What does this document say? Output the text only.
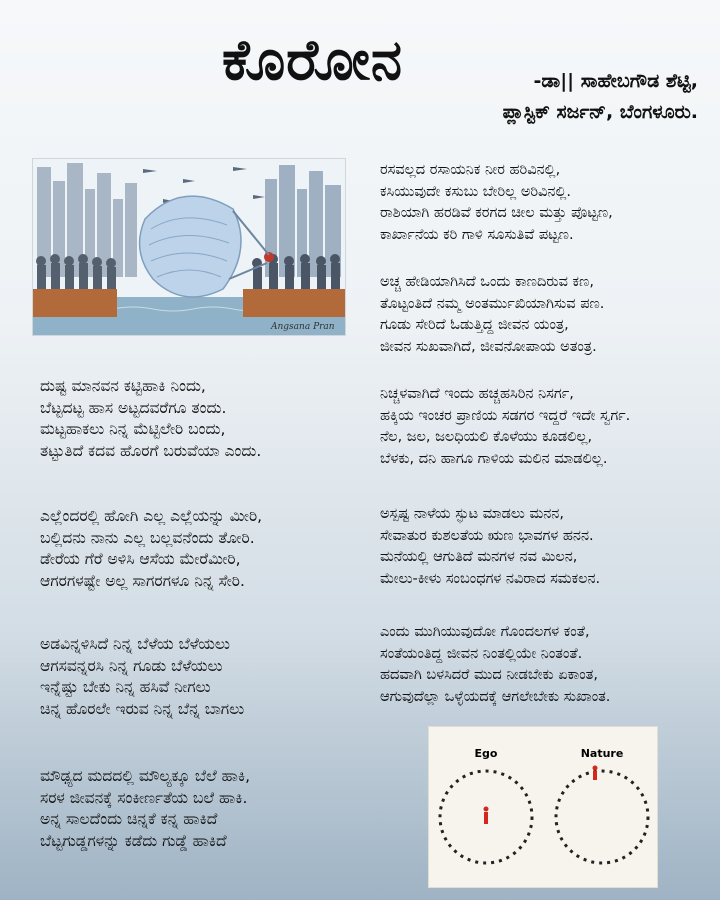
ಕೊರೋನ	-ಡಾ|| ಸಾಹೇಬಗೌಡ ಶೆಟ್ಟಿ,
ಪ್ಲಾಸ್ಟಿಕ್ ಸರ್ಜನ್, ಬೆಂಗಳೂರು.
Angsana Pran
ದುಷ್ಟ ಮಾನವನ ಕಟ್ಟಿಹಾಕಿ ನಿಂದು,
ಬೆಟ್ಟದಟ್ಟ ಹಾಸ ಅಟ್ಟದವರೆಗೂ ತಂದು.
ಮಟ್ಟಹಾಕಲು ನಿನ್ನ ಮೆಟ್ಟಿಲೇರಿ ಬಂದು,
ತಟ್ಟುತಿದೆ ಕದವ ಹೊರಗೆ ಬರುವೆಯಾ ಎಂದು.
ಎಲ್ಲೆಂದರಲ್ಲಿ ಹೋಗಿ ಎಲ್ಲ ಎಲ್ಲೆಯನ್ನು ಮೀರಿ,
ಬಲ್ಲಿದನು ನಾನು ಎಲ್ಲ ಬಲ್ಲವನೆಂದು ತೋರಿ.
ಡೇರೆಯ ಗೆರೆ ಅಳಿಸಿ ಆಸೆಯ ಮೇರೆಮೀರಿ,
ಆಗರಗಳಷ್ಟೇ ಅಲ್ಲ ಸಾಗರಗಳೂ ನಿನ್ನ ಸೇರಿ.
ಅಡವಿನ್ನಳಿಸಿದೆ ನಿನ್ನ ಬೆಳೆಯ ಬೆಳೆಯಲು
ಆಗಸವನ್ನರಸಿ ನಿನ್ನ ಗೂಡು ಬೆಳೆಯಲು
ಇನ್ನೆಷ್ಟು ಬೇಕು ನಿನ್ನ ಹಸಿವೆ ನೀಗಲು
ಚಿನ್ನ ಹೊರಲೇ ಇರುವ ನಿನ್ನ ಬೆನ್ನ ಬಾಗಲು
ಮೌಢ್ಯದ ಮದದಲ್ಲಿ ಮೌಲ್ಯಕ್ಕೂ ಬೆಲೆ ಹಾಕಿ,
ಸರಳ ಜೀವನಕ್ಕೆ ಸಂಕೀರ್ಣತೆಯ ಬಲೆ ಹಾಕಿ.
ಅನ್ನ ಸಾಲದೆಂದು ಚಿನ್ನಕೆ ಕನ್ನ ಹಾಕಿದೆ
ಬೆಟ್ಟಗುಡ್ಡಗಳನ್ನು ಕಡೆದು ಗುಡ್ಡೆ ಹಾಕಿದೆ
ರಸವಲ್ಲದ ರಸಾಯನಿಕ ನೀರ ಹರಿವಿನಲ್ಲಿ,
ಕಸಿಯುವುದೇ ಕಸುಬು ಬೇರಿಲ್ಲ ಅರಿವಿನಲ್ಲಿ.
ರಾಶಿಯಾಗಿ ಹರಡಿವೆ ಕರಗದ ಚೀಲ ಮತ್ತು ಪೊಟ್ಟಣ,
ಕಾರ್ಖಾನೆಯ ಕರಿ ಗಾಳಿ ಸೂಸುತಿವೆ ಪಟ್ಟಣ.
ಅಚ್ಚ ಹೇಡಿಯಾಗಿಸಿದೆ ಒಂದು ಕಾಣದಿರುವ ಕಣ,
ತೊಟ್ಟಂತಿದೆ ನಮ್ಮ ಅಂತರ್ಮುಖಿಯಾಗಿಸುವ ಪಣ.
ಗೂಡು ಸೇರಿದೆ ಓಡುತ್ತಿದ್ದ ಜೀವನ ಯಂತ್ರ,
ಜೀವನ ಸುಖವಾಗಿದೆ, ಜೀವನೋಪಾಯ ಅತಂತ್ರ.
ನಿಚ್ಚಳವಾಗಿದೆ ಇಂದು ಹಚ್ಚಹಸಿರಿನ ನಿಸರ್ಗ,
ಹಕ್ಕಿಯ ಇಂಚರ ಪ್ರಾಣಿಯ ಸಡಗರ ಇದ್ದರೆ ಇದೇ ಸ್ವರ್ಗ.
ನೆಲ, ಜಲ, ಜಲಧಿಯಲಿ ಕೊಳೆಯು ಕೂಡಲಿಲ್ಲ,
ಬೆಳಕು, ದನಿ ಹಾಗೂ ಗಾಳಿಯ ಮಲಿನ ಮಾಡಲಿಲ್ಲ.
ಅಸ್ಪಷ್ಟ ನಾಳೆಯ ಸ್ಫುಟ ಮಾಡಲು ಮನನ,
ಸೇವಾತುರ ಕುಶಲತೆಯ ಋಣ ಭಾವಗಳ ಹನನ.
ಮನೆಯಲ್ಲಿ ಆಗುತಿದೆ ಮನಗಳ ನವ ಮಿಲನ,
ಮೇಲು-ಕೀಳು ಸಂಬಂಧಗಳ ನವಿರಾದ ಸಮಕಲನ.
ಎಂದು ಮುಗಿಯುವುದೋ ಗೊಂದಲಗಳ ಕಂತೆ,
ಸಂತೆಯಂತಿದ್ದ ಜೀವನ ನಿಂತಲ್ಲಿಯೇ ನಿಂತಂತೆ.
ಹದವಾಗಿ ಬಳಸಿದರೆ ಮುದ ನೀಡಬೇಕು ಏಕಾಂತ,
ಆಗುವುದೆಲ್ಲಾ ಒಳ್ಳೆಯದಕ್ಕೆ ಆಗಲೇಬೇಕು ಸುಖಾಂತ.
Ego	Nature
